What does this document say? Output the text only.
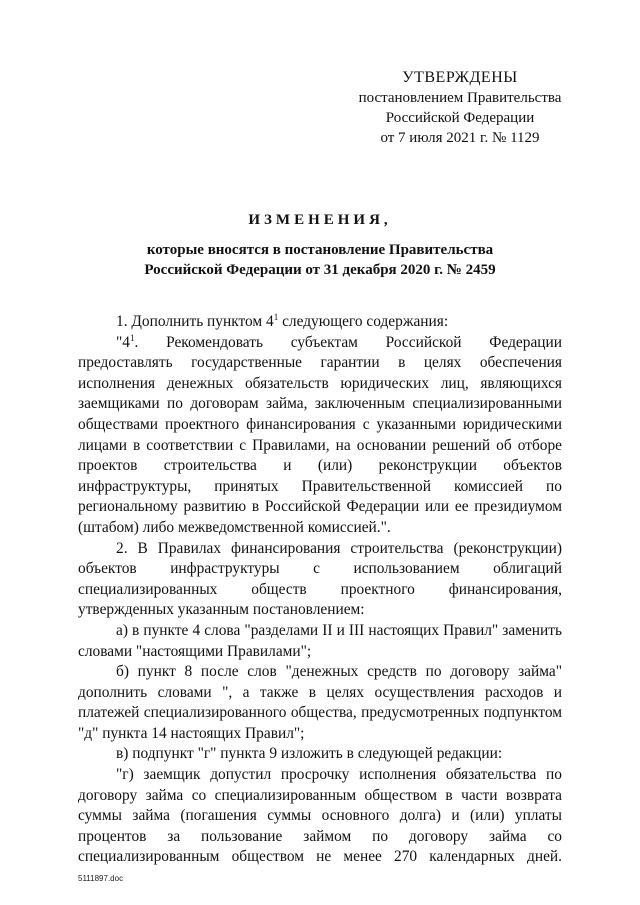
УТВЕРЖДЕНЫ
постановлением Правительства
Российской Федерации
от 7 июля 2021 г. № 1129
ИЗМЕНЕНИЯ,
которые вносятся в постановление Правительства
Российской Федерации от 31 декабря 2020 г. № 2459

1. Дополнить пунктом $4^1$ следующего содержания:

"$4^1$. Рекомендовать субъектам Российской Федерации предоставлять государственные гарантии в целях обеспечения исполнения денежных обязательств юридических лиц, являющихся заемщиками по договорам займа, заключенным специализированными обществами проектного финансирования с указанными юридическими лицами в соответствии с Правилами, на основании решений об отборе проектов строительства и (или) реконструкции объектов инфраструктуры, принятых Правительственной комиссией по региональному развитию в Российской Федерации или ее президиумом (штабом) либо межведомственной комиссией.".

2. В Правилах финансирования строительства (реконструкции) объектов инфраструктуры с использованием облигаций специализированных обществ проектного финансирования, утвержденных указанным постановлением:

а) в пункте 4 слова "разделами II и III настоящих Правил" заменить словами "настоящими Правилами";

б) пункт 8 после слов "денежных средств по договору займа" дополнить словами ", а также в целях осуществления расходов и платежей специализированного общества, предусмотренных подпунктом "д" пункта 14 настоящих Правил";

в) подпункт "г" пункта 9 изложить в следующей редакции:

"г) заемщик допустил просрочку исполнения обязательства по договору займа со специализированным обществом в части возврата суммы займа (погашения суммы основного долга) и (или) уплаты процентов за пользование займом по договору займа со специализированным обществом не менее 270 календарных дней.

5111897.doc
